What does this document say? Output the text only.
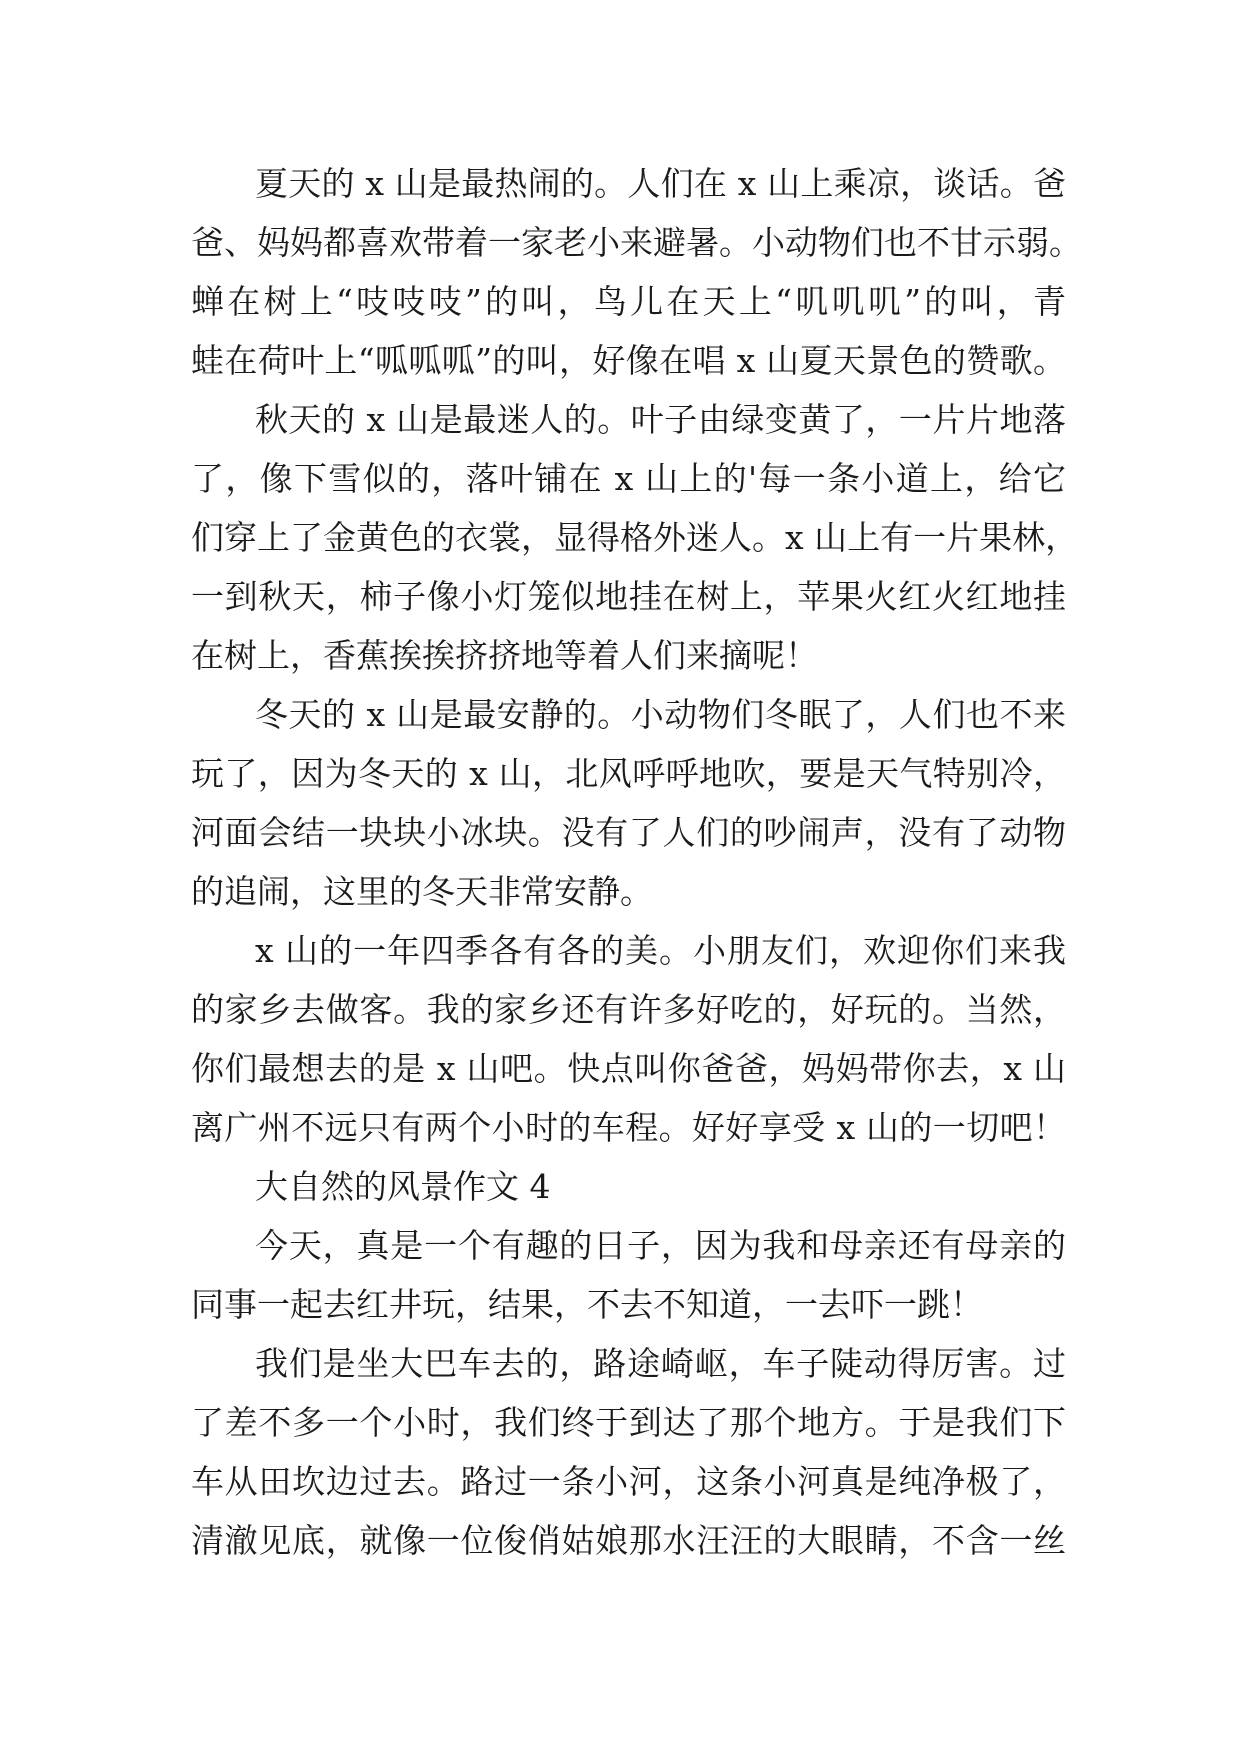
夏天的 x 山是最热闹的。人们在 x 山上乘凉，谈话。爸
爸、妈妈都喜欢带着一家老小来避暑。小动物们也不甘示弱。
蝉在树上“吱吱吱”的叫，鸟儿在天上“叽叽叽”的叫，青
蛙在荷叶上“呱呱呱”的叫，好像在唱 x 山夏天景色的赞歌。
秋天的 x 山是最迷人的。叶子由绿变黄了，一片片地落
了，像下雪似的，落叶铺在 x 山上的'每一条小道上，给它
们穿上了金黄色的衣裳，显得格外迷人。x 山上有一片果林，
一到秋天，柿子像小灯笼似地挂在树上，苹果火红火红地挂
在树上，香蕉挨挨挤挤地等着人们来摘呢！
冬天的 x 山是最安静的。小动物们冬眠了，人们也不来
玩了，因为冬天的 x 山，北风呼呼地吹，要是天气特别冷，
河面会结一块块小冰块。没有了人们的吵闹声，没有了动物
的追闹，这里的冬天非常安静。
x 山的一年四季各有各的美。小朋友们，欢迎你们来我
的家乡去做客。我的家乡还有许多好吃的，好玩的。当然，
你们最想去的是 x 山吧。快点叫你爸爸，妈妈带你去，x 山
离广州不远只有两个小时的车程。好好享受 x 山的一切吧！
大自然的风景作文 4
今天，真是一个有趣的日子，因为我和母亲还有母亲的
同事一起去红井玩，结果，不去不知道，一去吓一跳！
我们是坐大巴车去的，路途崎岖，车子陡动得厉害。过
了差不多一个小时，我们终于到达了那个地方。于是我们下
车从田坎边过去。路过一条小河，这条小河真是纯净极了，
清澈见底，就像一位俊俏姑娘那水汪汪的大眼睛，不含一丝
